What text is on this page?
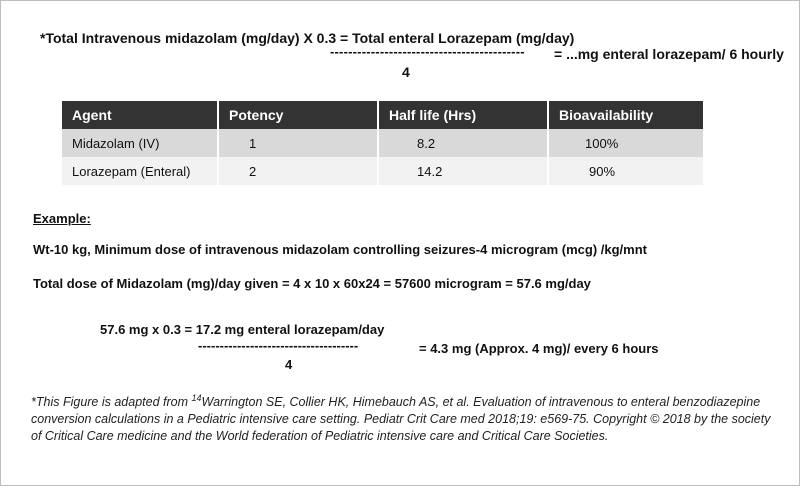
*Total Intravenous midazolam (mg/day) X 0.3 = Total enteral Lorazepam (mg/day)
------------------------------------------- = ...mg enteral lorazepam/ 6 hourly
4
Agent	Potency	Half life (Hrs)	Bioavailability
Midazolam (IV)	1	8.2	100%
Lorazepam (Enteral)	2	14.2	90%
Example:
Wt-10 kg, Minimum dose of intravenous midazolam controlling seizures-4 microgram (mcg) /kg/mnt
Total dose of Midazolam (mg)/day given = 4 x 10 x 60x24 = 57600 microgram = 57.6 mg/day
57.6 mg x 0.3 = 17.2 mg enteral lorazepam/day
-------------------------------------	= 4.3 mg (Approx. 4 mg)/ every 6 hours
4
*This Figure is adapted from $^{14}$Warrington SE, Collier HK, Himebauch AS, et al. Evaluation of intravenous to enteral benzodiazepine conversion calculations in a Pediatric intensive care setting. Pediatr Crit Care med 2018;19: e569-75. Copyright © 2018 by the society of Critical Care medicine and the World federation of Pediatric intensive care and Critical Care Societies.
